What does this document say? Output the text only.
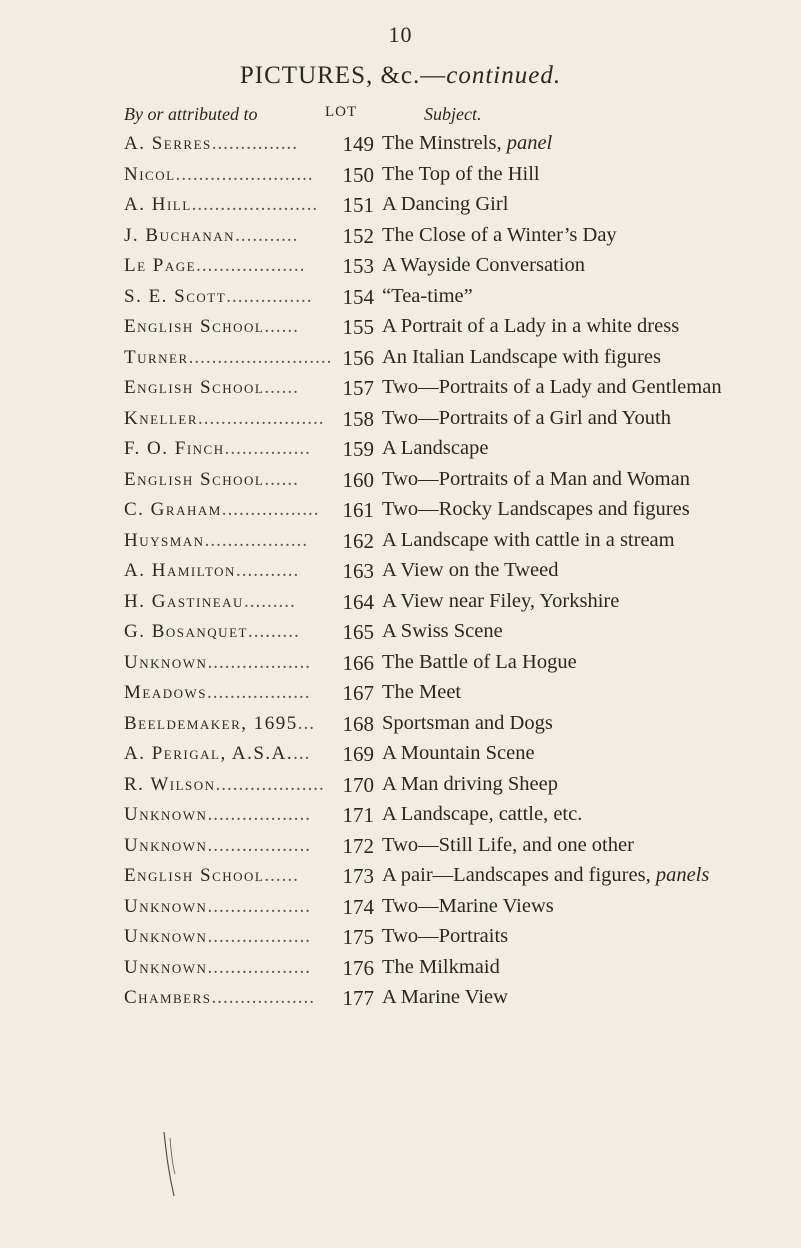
10
PICTURES, &c.—continued.
By or attributed to	LOT	Subject.
A. Serres...............	149 The Minstrels, panel
Nicol........................	150 The Top of the Hill
A. Hill......................	151 A Dancing Girl
J. Buchanan...........	152 The Close of a Winter’s Day
Le Page...................	153 A Wayside Conversation
S. E. Scott...............	154 “Tea-time”
English School......	155 A Portrait of a Lady in a white dress
Turner......................... 156 An Italian Landscape with figures
English School......	157 Two—Portraits of a Lady and Gentleman
Kneller...................... 158 Two—Portraits of a Girl and Youth
F. O. Finch...............	159 A Landscape
English School......	160 Two—Portraits of a Man and Woman
C. Graham.................	161 Two—Rocky Landscapes and figures
Huysman..................	162 A Landscape with cattle in a stream
A. Hamilton...........	163 A View on the Tweed
H. Gastineau.........	164 A View near Filey, Yorkshire
G. Bosanquet.........	165 A Swiss Scene
Unknown..................	166 The Battle of La Hogue
Meadows..................	167 The Meet
Beeldemaker, 1695...	168 Sportsman and Dogs
A. Perigal, A.S.A....	169 A Mountain Scene
R. Wilson................... 170 A Man driving Sheep
Unknown..................	171 A Landscape, cattle, etc.
Unknown..................	172 Two—Still Life, and one other
English School......	173 A pair—Landscapes and figures, panels
Unknown..................	174 Two—Marine Views
Unknown..................	175 Two—Portraits
Unknown..................	176 The Milkmaid
Chambers..................	177 A Marine View
